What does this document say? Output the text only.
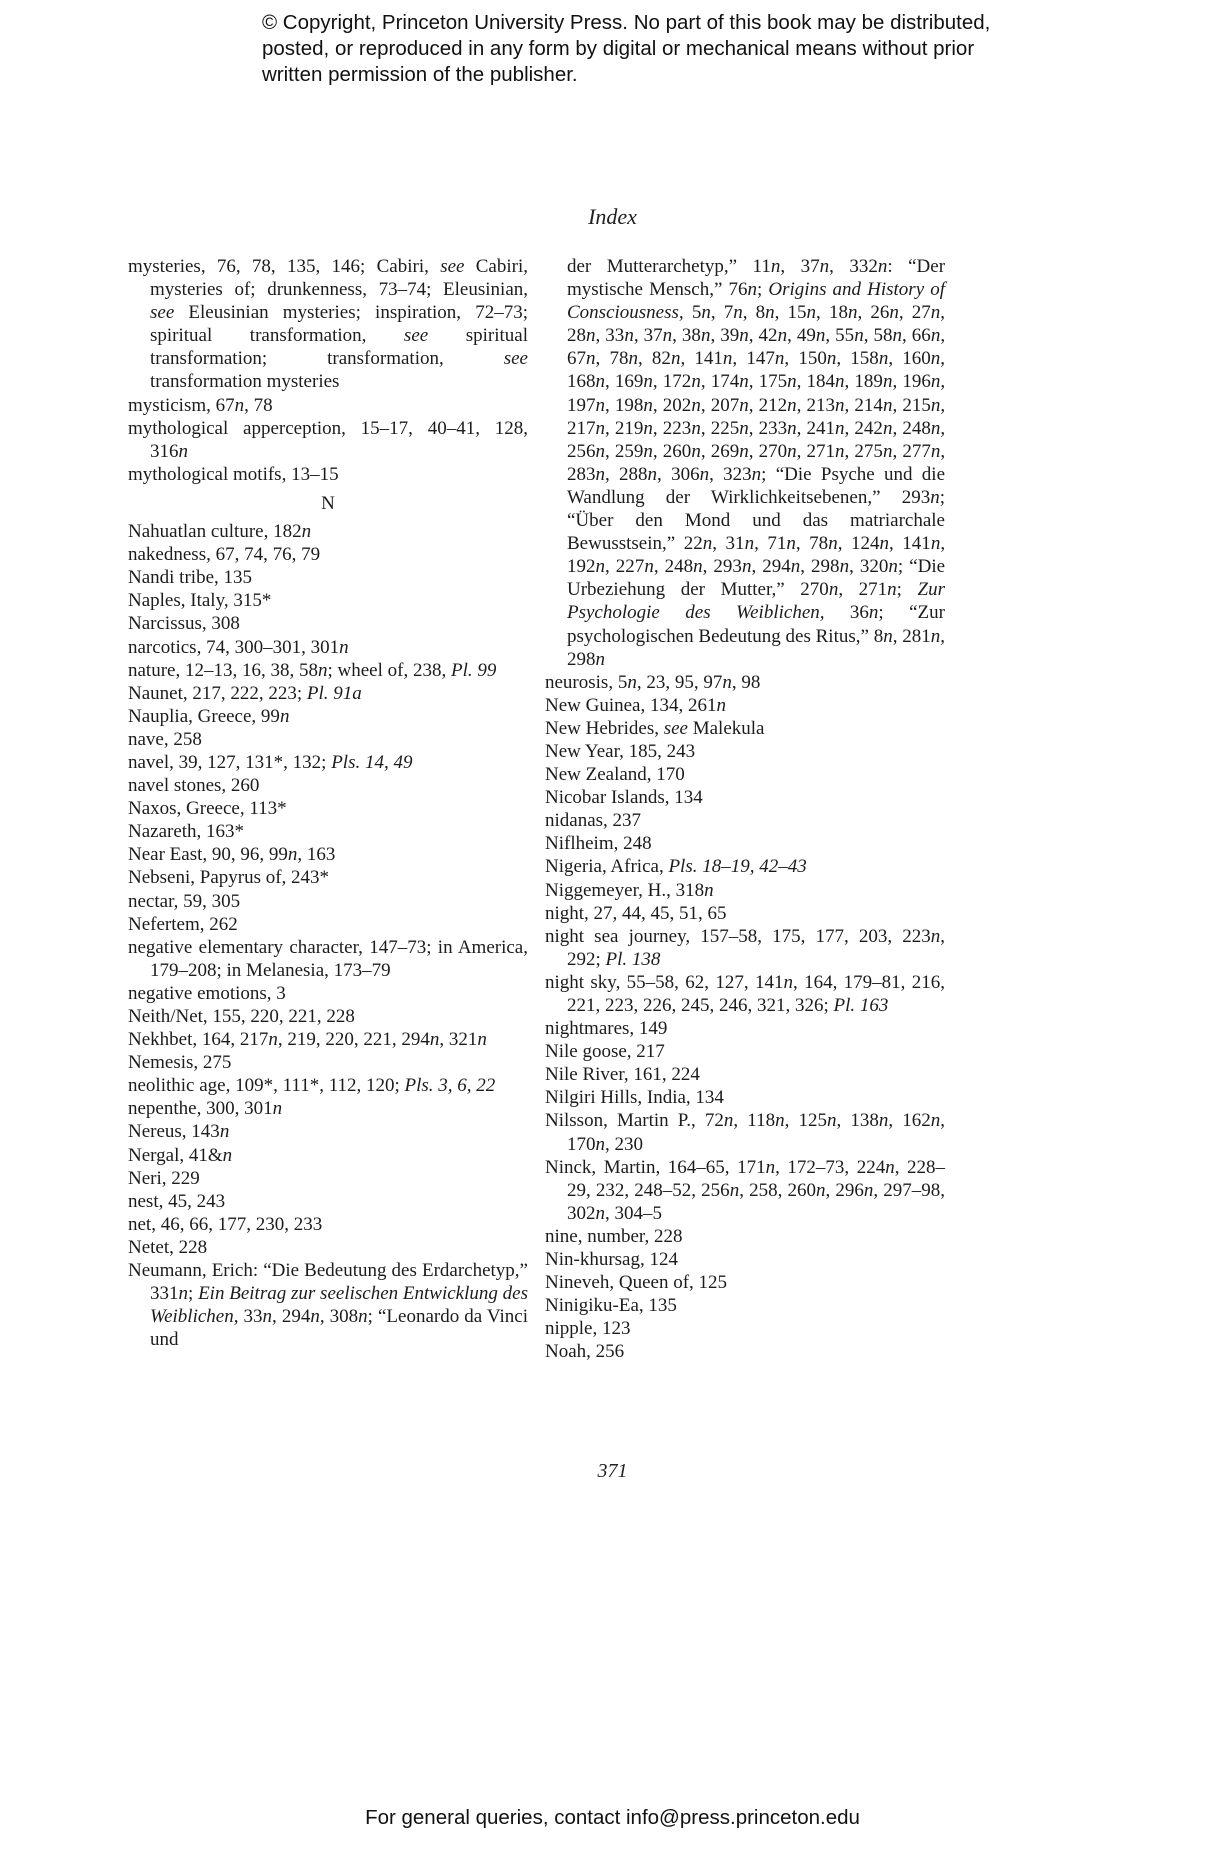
© Copyright, Princeton University Press. No part of this book may be distributed, posted, or reproduced in any form by digital or mechanical means without prior written permission of the publisher.
Index
mysteries, 76, 78, 135, 146; Cabiri, see Cabiri, mysteries of; drunkenness, 73–74; Eleusinian, see Eleusinian mysteries; inspiration, 72–73; spiritual transformation, see spiritual transformation; transformation, see transformation mysteries
mysticism, 67n, 78
mythological apperception, 15–17, 40–41, 128, 316n
mythological motifs, 13–15
N
Nahuatlan culture, 182n
nakedness, 67, 74, 76, 79
Nandi tribe, 135
Naples, Italy, 315*
Narcissus, 308
narcotics, 74, 300–301, 301n
nature, 12–13, 16, 38, 58n; wheel of, 238, Pl. 99
Naunet, 217, 222, 223; Pl. 91a
Nauplia, Greece, 99n
nave, 258
navel, 39, 127, 131*, 132; Pls. 14, 49
navel stones, 260
Naxos, Greece, 113*
Nazareth, 163*
Near East, 90, 96, 99n, 163
Nebseni, Papyrus of, 243*
nectar, 59, 305
Nefertem, 262
negative elementary character, 147–73; in America, 179–208; in Melanesia, 173–79
negative emotions, 3
Neith/Net, 155, 220, 221, 228
Nekhbet, 164, 217n, 219, 220, 221, 294n, 321n
Nemesis, 275
neolithic age, 109*, 111*, 112, 120; Pls. 3, 6, 22
nepenthe, 300, 301n
Nereus, 143n
Nergal, 41&n
Neri, 229
nest, 45, 243
net, 46, 66, 177, 230, 233
Netet, 228
Neumann, Erich: “Die Bedeutung des Erdarchetyp,” 331n; Ein Beitrag zur seelischen Entwicklung des Weiblichen, 33n, 294n, 308n; “Leonardo da Vinci und
der Mutterarchetyp,” 11n, 37n, 332n: “Der mystische Mensch,” 76n; Origins and History of Consciousness, 5n, 7n, 8n, 15n, 18n, 26n, 27n, 28n, 33n, 37n, 38n, 39n, 42n, 49n, 55n, 58n, 66n, 67n, 78n, 82n, 141n, 147n, 150n, 158n, 160n, 168n, 169n, 172n, 174n, 175n, 184n, 189n, 196n, 197n, 198n, 202n, 207n, 212n, 213n, 214n, 215n, 217n, 219n, 223n, 225n, 233n, 241n, 242n, 248n, 256n, 259n, 260n, 269n, 270n, 271n, 275n, 277n, 283n, 288n, 306n, 323n; “Die Psyche und die Wandlung der Wirklichkeitsebenen,” 293n; “Über den Mond und das matriarchale Bewusstsein,” 22n, 31n, 71n, 78n, 124n, 141n, 192n, 227n, 248n, 293n, 294n, 298n, 320n; “Die Urbeziehung der Mutter,” 270n, 271n; Zur Psychologie des Weiblichen, 36n; “Zur psychologischen Bedeutung des Ritus,” 8n, 281n, 298n
neurosis, 5n, 23, 95, 97n, 98
New Guinea, 134, 261n
New Hebrides, see Malekula
New Year, 185, 243
New Zealand, 170
Nicobar Islands, 134
nidanas, 237
Niflheim, 248
Nigeria, Africa, Pls. 18–19, 42–43
Niggemeyer, H., 318n
night, 27, 44, 45, 51, 65
night sea journey, 157–58, 175, 177, 203, 223n, 292; Pl. 138
night sky, 55–58, 62, 127, 141n, 164, 179–81, 216, 221, 223, 226, 245, 246, 321, 326; Pl. 163
nightmares, 149
Nile goose, 217
Nile River, 161, 224
Nilgiri Hills, India, 134
Nilsson, Martin P., 72n, 118n, 125n, 138n, 162n, 170n, 230
Ninck, Martin, 164–65, 171n, 172–73, 224n, 228–29, 232, 248–52, 256n, 258, 260n, 296n, 297–98, 302n, 304–5
nine, number, 228
Nin-khursag, 124
Nineveh, Queen of, 125
Ninigiku-Ea, 135
nipple, 123
Noah, 256
371
For general queries, contact info@press.princeton.edu
